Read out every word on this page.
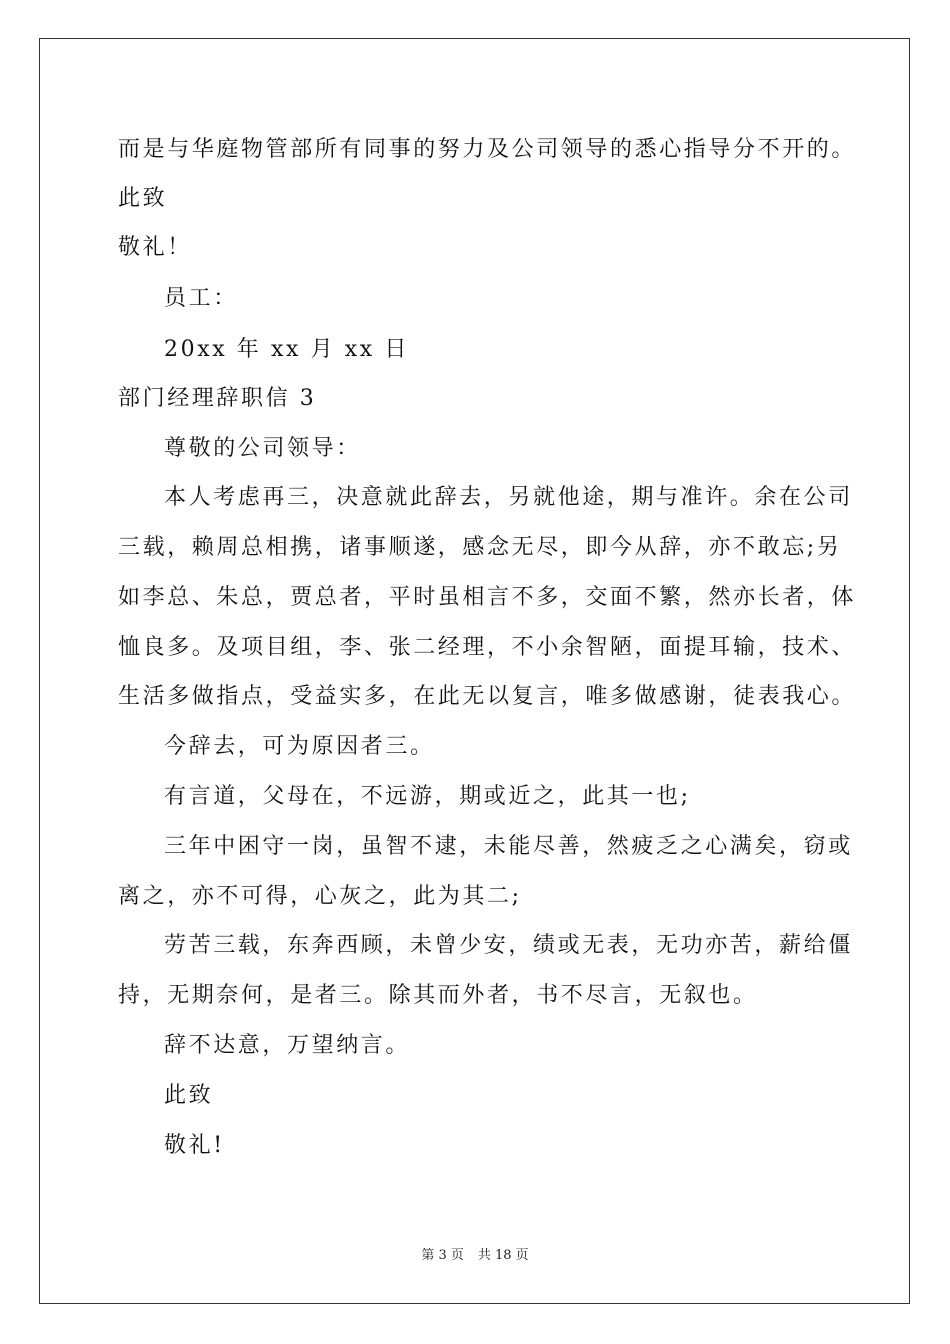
而是与华庭物管部所有同事的努力及公司领导的悉心指导分不开的。
此致
敬礼！
员工：
20xx 年 xx 月 xx 日
部门经理辞职信 3
尊敬的公司领导：
本人考虑再三，决意就此辞去，另就他途，期与准许。余在公司
三载，赖周总相携，诸事顺遂，感念无尽，即今从辞，亦不敢忘;另
如李总、朱总，贾总者，平时虽相言不多，交面不繁，然亦长者，体
恤良多。及项目组，李、张二经理，不小余智陋，面提耳输，技术、
生活多做指点，受益实多，在此无以复言，唯多做感谢，徒表我心。
今辞去，可为原因者三。
有言道，父母在，不远游，期或近之，此其一也;
三年中困守一岗，虽智不逮，未能尽善，然疲乏之心满矣，窃或
离之，亦不可得，心灰之，此为其二;
劳苦三载，东奔西顾，未曾少安，绩或无表，无功亦苦，薪给僵
持，无期奈何，是者三。除其而外者，书不尽言，无叙也。
辞不达意，万望纳言。
此致
敬礼!
第 3 页 共 18 页
